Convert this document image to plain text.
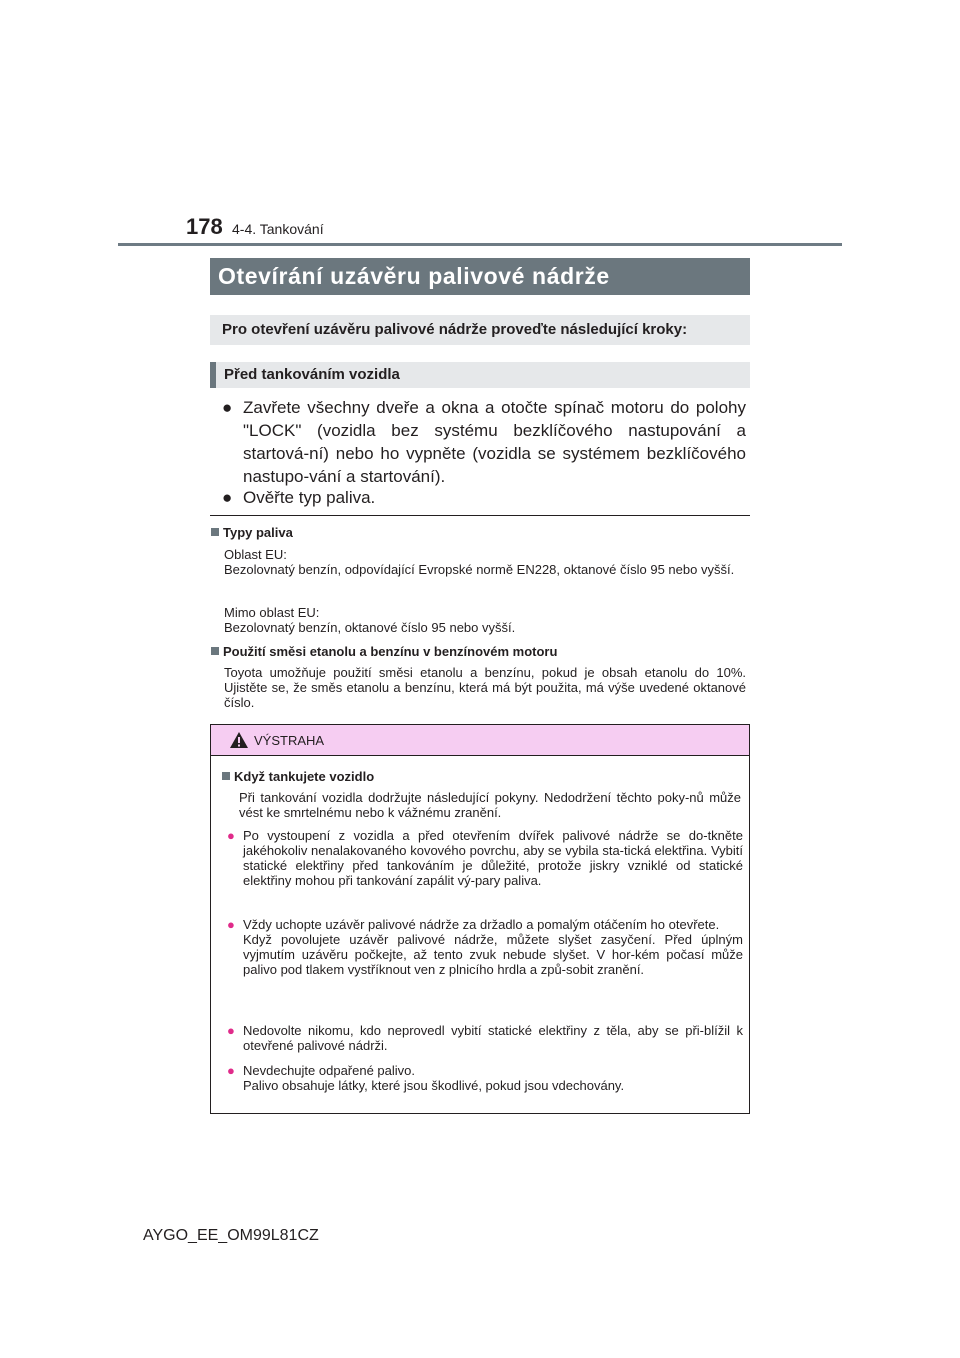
178 4-4. Tankování
Otevírání uzávěru palivové nádrže
Pro otevření uzávěru palivové nádrže proveďte následující kroky:
Před tankováním vozidla
● Zavřete všechny dveře a okna a otočte spínač motoru do polohy "LOCK" (vozidla bez systému bezklíčového nastupování a startová-ní) nebo ho vypněte (vozidla se systémem bezklíčového nastupo-vání a startování).
● Ověřte typ paliva.
Typy paliva
Oblast EU:
Bezolovnatý benzín, odpovídající Evropské normě EN228, oktanové číslo 95 nebo vyšší.
Mimo oblast EU:
Bezolovnatý benzín, oktanové číslo 95 nebo vyšší.
Použití směsi etanolu a benzínu v benzínovém motoru
Toyota umožňuje použití směsi etanolu a benzínu, pokud je obsah etanolu do 10%. Ujistěte se, že směs etanolu a benzínu, která má být použita, má výše uvedené oktanové číslo.
VÝSTRAHA
Když tankujete vozidlo
Při tankování vozidla dodržujte následující pokyny. Nedodržení těchto poky-nů může vést ke smrtelnému nebo k vážnému zranění.
● Po vystoupení z vozidla a před otevřením dvířek palivové nádrže se do-tkněte jakéhokoliv nenalakovaného kovového povrchu, aby se vybila sta-tická elektřina. Vybití statické elektřiny před tankováním je důležité, protože jiskry vzniklé od statické elektřiny mohou při tankování zapálit vý-pary paliva.
● Vždy uchopte uzávěr palivové nádrže za držadlo a pomalým otáčením ho otevřete.
Když povolujete uzávěr palivové nádrže, můžete slyšet zasyčení. Před úplným vyjmutím uzávěru počkejte, až tento zvuk nebude slyšet. V hor-kém počasí může palivo pod tlakem vystříknout ven z plnicího hrdla a způ-sobit zranění.
● Nedovolte nikomu, kdo neprovedl vybití statické elektřiny z těla, aby se při-blížil k otevřené palivové nádrži.
● Nevdechujte odpařené palivo.
Palivo obsahuje látky, které jsou škodlivé, pokud jsou vdechovány.
AYGO_EE_OM99L81CZ
